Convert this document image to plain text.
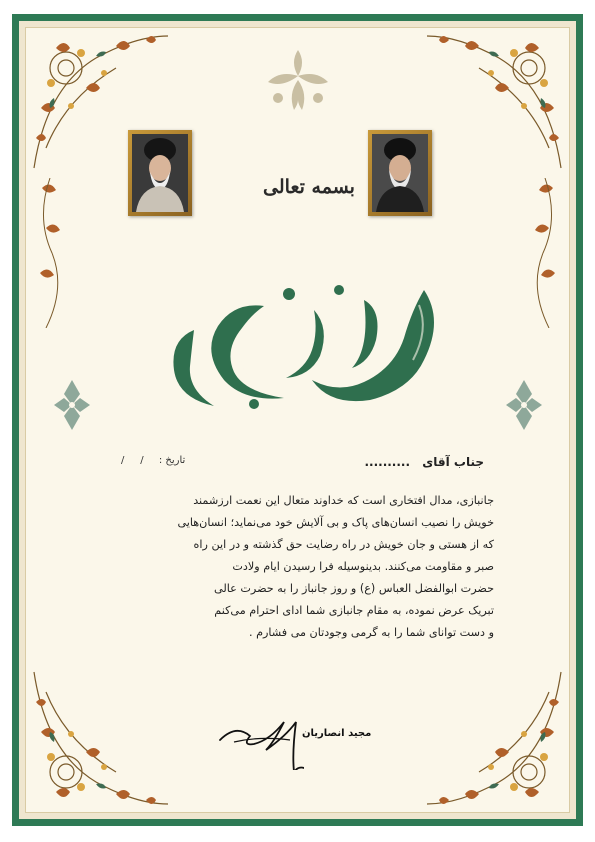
بسمه تعالی
جناب آقای ..........
تاریخ : /     /

جانبازی، مدال افتخاری است که خداوند متعال این نعمت ارزشمند

خویش را نصیب انسان‌های پاک و بی آلایش خود می‌نماید؛ انسان‌هایی

که از هستی و جان خویش در راه رضایت حق گذشته و در این راه

صبر و مقاومت می‌کنند. بدینوسیله فرا رسیدن ایام ولادت

حضرت ابوالفضل العباس (ع) و روز جانباز را به حضرت عالی

تبریک عرض نموده، به مقام جانبازی شما ادای احترام می‌کنم

و دست توانای شما را به گرمی وجودتان می فشارم .

مجید انصاریان
